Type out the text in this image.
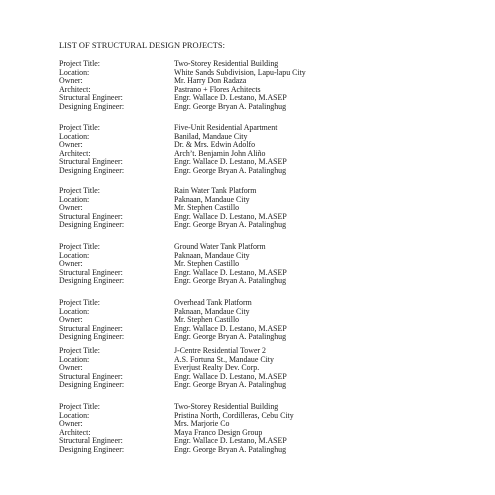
LIST OF STRUCTURAL DESIGN PROJECTS:
Project Title:	Two-Storey Residential Building
Location:	White Sands Subdivision, Lapu-lapu City
Owner:	Mr. Harry Don Radaza
Architect:	Pastrano + Flores Achitects
Structural Engineer:	Engr. Wallace D. Lestano, M.ASEP
Designing Engineer:	Engr. George Bryan A. Patalinghug
Project Title:	Five-Unit Residential Apartment
Location:	Banilad, Mandaue City
Owner:	Dr. & Mrs. Edwin Adolfo
Architect:	Arch’t. Benjamin John Aliño
Structural Engineer:	Engr. Wallace D. Lestano, M.ASEP
Designing Engineer:	Engr. George Bryan A. Patalinghug
Project Title:	Rain Water Tank Platform
Location:	Paknaan, Mandaue City
Owner:	Mr. Stephen Castillo
Structural Engineer:	Engr. Wallace D. Lestano, M.ASEP
Designing Engineer:	Engr. George Bryan A. Patalinghug
Project Title:	Ground Water Tank Platform
Location:	Paknaan, Mandaue City
Owner:	Mr. Stephen Castillo
Structural Engineer:	Engr. Wallace D. Lestano, M.ASEP
Designing Engineer:	Engr. George Bryan A. Patalinghug
Project Title:	Overhead Tank Platform
Location:	Paknaan, Mandaue City
Owner:	Mr. Stephen Castillo
Structural Engineer:	Engr. Wallace D. Lestano, M.ASEP
Designing Engineer:	Engr. George Bryan A. Patalinghug
Project Title:	J-Centre Residential Tower 2
Location:	A.S. Fortuna St., Mandaue City
Owner:	Everjust Realty Dev. Corp.
Structural Engineer:	Engr. Wallace D. Lestano, M.ASEP
Designing Engineer:	Engr. George Bryan A. Patalinghug
Project Title:	Two-Storey Residential Building
Location:	Pristina North, Cordilleras, Cebu City
Owner:	Mrs. Marjorie Co
Architect:	Maya Franco Design Group
Structural Engineer:	Engr. Wallace D. Lestano, M.ASEP
Designing Engineer:	Engr. George Bryan A. Patalinghug
